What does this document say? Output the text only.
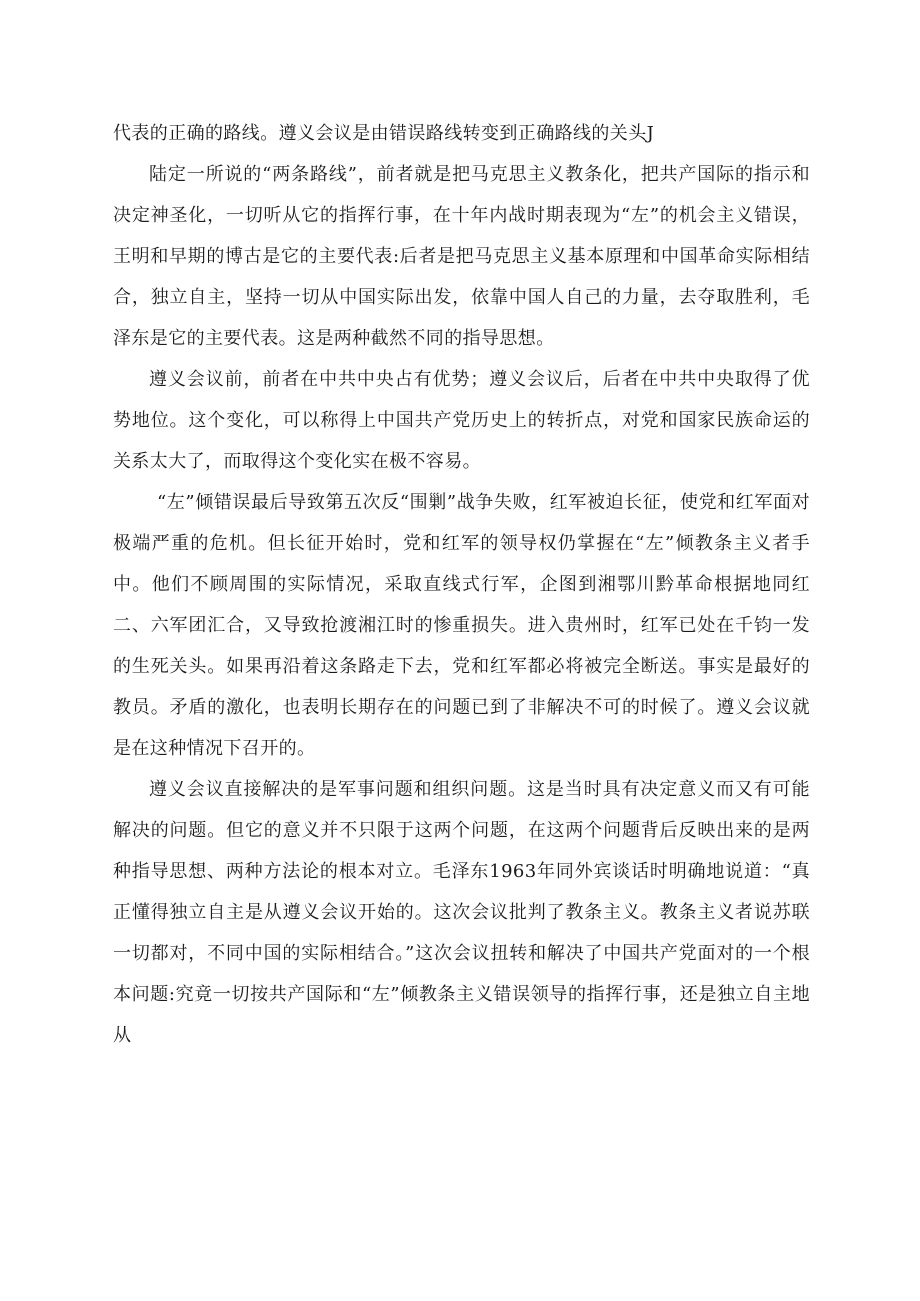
代表的正确的路线。遵义会议是由错误路线转变到正确路线的关头J

陆定一所说的“两条路线”，前者就是把马克思主义教条化，把共产国际的指示和决定神圣化，一切听从它的指挥行事，在十年内战时期表现为“左”的机会主义错误，王明和早期的博古是它的主要代表:后者是把马克思主义基本原理和中国革命实际相结合，独立自主，坚持一切从中国实际出发，依靠中国人自己的力量，去夺取胜利，毛泽东是它的主要代表。这是两种截然不同的指导思想。

遵义会议前，前者在中共中央占有优势；遵义会议后，后者在中共中央取得了优势地位。这个变化，可以称得上中国共产党历史上的转折点，对党和国家民族命运的关系太大了，而取得这个变化实在极不容易。

“左”倾错误最后导致第五次反“围剿”战争失败，红军被迫长征，使党和红军面对极端严重的危机。但长征开始时，党和红军的领导权仍掌握在“左”倾教条主义者手中。他们不顾周围的实际情况，采取直线式行军，企图到湘鄂川黔革命根据地同红二、六军团汇合，又导致抢渡湘江时的惨重损失。进入贵州时，红军已处在千钧一发的生死关头。如果再沿着这条路走下去，党和红军都必将被完全断送。事实是最好的教员。矛盾的激化，也表明长期存在的问题已到了非解决不可的时候了。遵义会议就是在这种情况下召开的。

遵义会议直接解决的是军事问题和组织问题。这是当时具有决定意义而又有可能解决的问题。但它的意义并不只限于这两个问题，在这两个问题背后反映出来的是两种指导思想、两种方法论的根本对立。毛泽东1963年同外宾谈话时明确地说道：“真正懂得独立自主是从遵义会议开始的。这次会议批判了教条主义。教条主义者说苏联一切都对，不同中国的实际相结合。”这次会议扭转和解决了中国共产党面对的一个根本问题:究竟一切按共产国际和“左”倾教条主义错误领导的指挥行事，还是独立自主地从
